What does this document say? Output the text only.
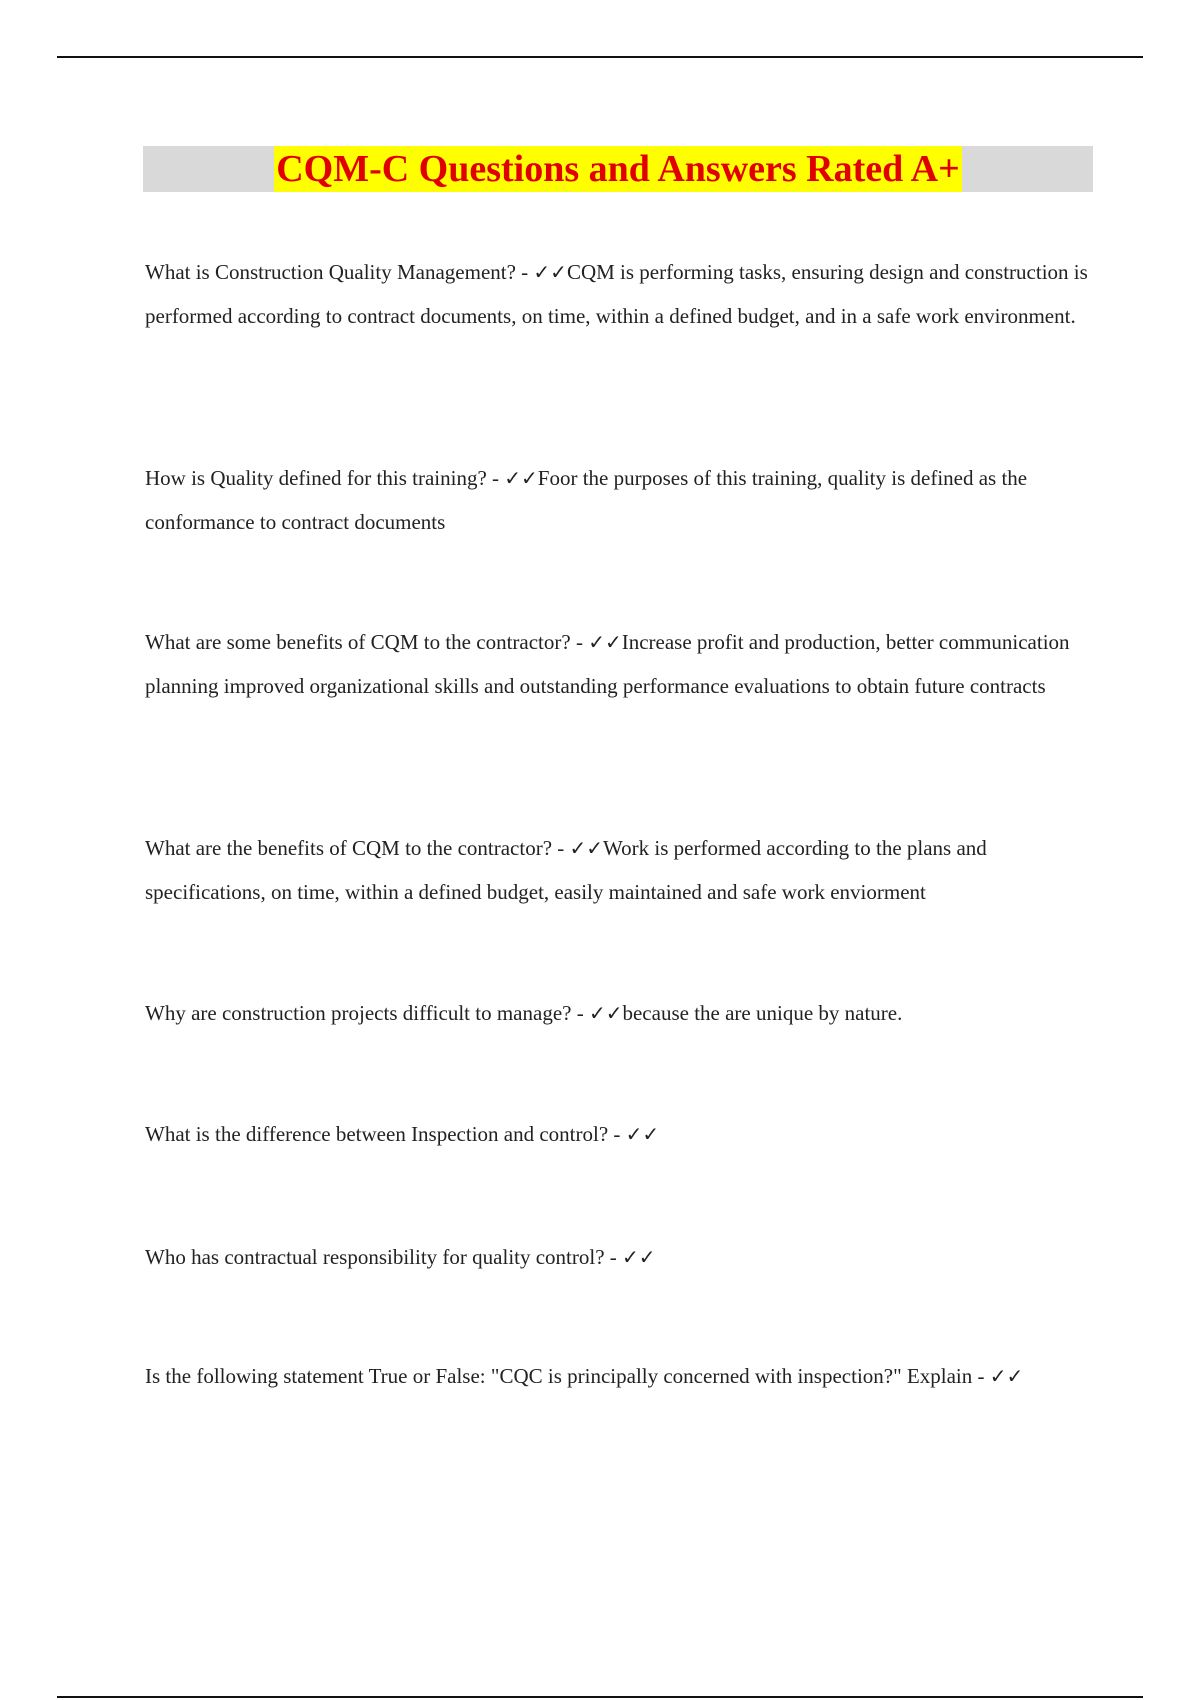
CQM-C Questions and Answers Rated A+
What is Construction Quality Management? - ✓✓CQM is performing tasks, ensuring design and construction is performed according to contract documents, on time, within a defined budget, and in a safe work environment.
How is Quality defined for this training? - ✓✓Foor the purposes of this training, quality is defined as the conformance to contract documents
What are some benefits of CQM to the contractor? - ✓✓Increase profit and production, better communication planning improved organizational skills and outstanding performance evaluations to obtain future contracts
What are the benefits of CQM to the contractor? - ✓✓Work is performed according to the plans and specifications, on time, within a defined budget, easily maintained and safe work enviorment
Why are construction projects difficult to manage? - ✓✓because the are unique by nature.
What is the difference between Inspection and control? - ✓✓
Who has contractual responsibility for quality control? - ✓✓
Is the following statement True or False: "CQC is principally concerned with inspection?" Explain - ✓✓
